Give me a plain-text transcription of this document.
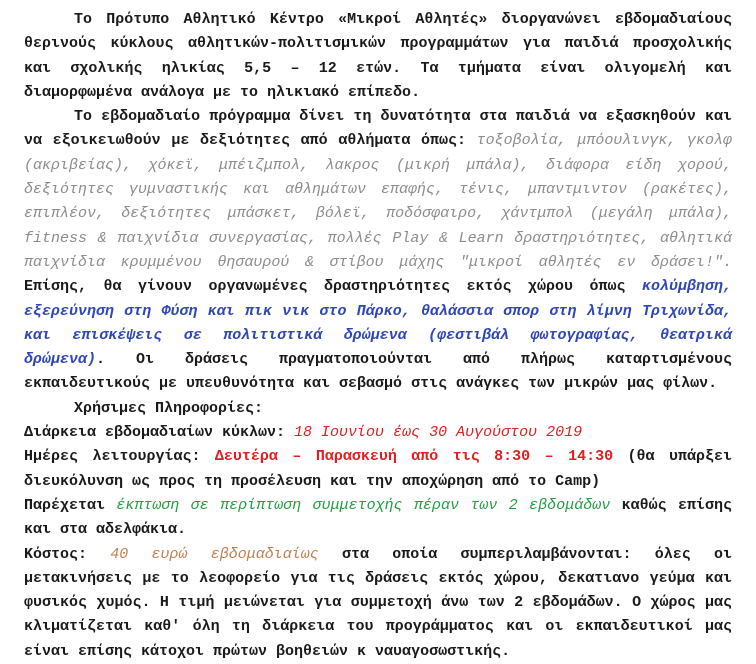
Το Πρότυπο Αθλητικό Κέντρο «Μικροί Αθλητές» διοργανώνει εβδομαδιαίους θερινούς κύκλους αθλητικών-πολιτισμικών προγραμμάτων για παιδιά προσχολικής και σχολικής ηλικίας 5,5 – 12 ετών. Τα τμήματα είναι ολιγομελή και διαμορφωμένα ανάλογα με το ηλικιακό επίπεδο.

Το εβδομαδιαίο πρόγραμμα δίνει τη δυνατότητα στα παιδιά να εξασκηθούν και να εξοικειωθούν με δεξιότητες από αθλήματα όπως: τοξοβολία, μπόουλινγκ, γκολφ (ακριβείας), χόκεϊ, μπέιζμπολ, λακρος (μικρή μπάλα), διάφορα είδη χορού, δεξιότητες γυμναστικής και αθλημάτων επαφής, τένις, μπαντμιντον (ρακέτες), επιπλέον, δεξιότητες μπάσκετ, βόλεϊ, ποδόσφαιρο, χάντμπολ (μεγάλη μπάλα), fitness & παιχνίδια συνεργασίας, πολλές Play & Learn δραστηριότητες, αθλητικά παιχνίδια κρυμμένου θησαυρού & στίβου μάχης "μικροί αθλητές εν δράσει!". Επίσης, θα γίνουν οργανωμένες δραστηριότητες εκτός χώρου όπως κολύμβηση, εξερεύνηση στη Φύση και πικ νικ στο Πάρκο, θαλάσσια σπορ στη λίμνη Τριχωνίδα, και επισκέψεις σε πολιτιστικά δρώμενα (φεστιβάλ φωτογραφίας, θεατρικά δρώμενα). Οι δράσεις πραγματοποιούνται από πλήρως καταρτισμένους εκπαιδευτικούς με υπευθυνότητα και σεβασμό στις ανάγκες των μικρών μας φίλων.

Χρήσιμες Πληροφορίες:

Διάρκεια εβδομαδιαίων κύκλων: 18 Ιουνίου έως 30 Αυγούστου 2019

Ημέρες λειτουργίας: Δευτέρα – Παρασκευή από τις 8:30 – 14:30 (θα υπάρξει διευκόλυνση ως προς τη προσέλευση και την αποχώρηση από το Camp)

Παρέχεται έκπτωση σε περίπτωση συμμετοχής πέραν των 2 εβδομάδων καθώς επίσης και στα αδελφάκια.

Κόστος: 40 ευρώ εβδομαδιαίως στα οποία συμπεριλαμβάνονται: όλες οι μετακινήσεις με το λεοφορείο για τις δράσεις εκτός χώρου, δεκατιανο γεύμα και φυσικός χυμός. Η τιμή μειώνεται για συμμετοχή άνω των 2 εβδομάδων. Ο χώρος μας κλιματίζεται καθ' όλη τη διάρκεια του προγράμματος και οι εκπαιδευτικοί μας είναι επίσης κάτοχοι πρώτων βοηθειών κ ναυαγοσωστικής.
